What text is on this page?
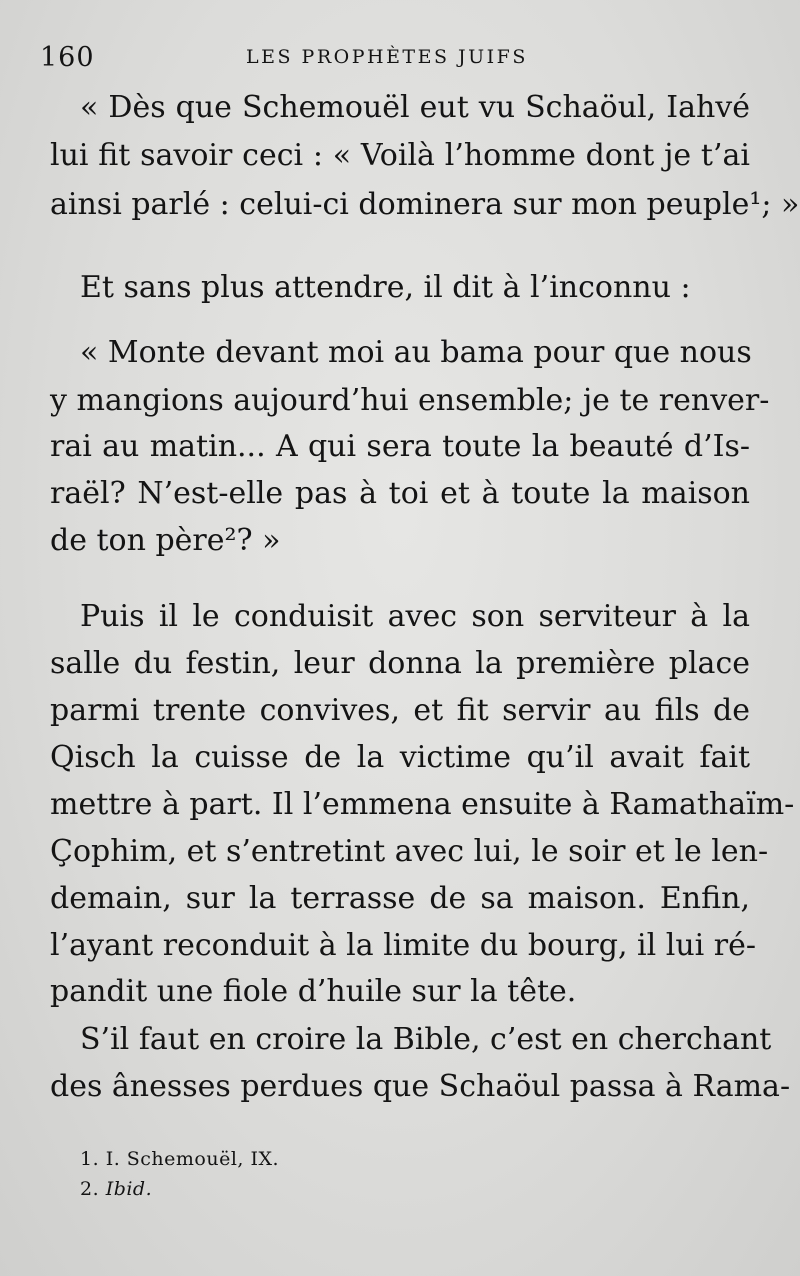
160	LES PROPHÈTES JUIFS
« Dès que Schemouël eut vu Schaöul, Iahvé
lui fit savoir ceci : « Voilà l’homme dont je t’ai
ainsi parlé : celui-ci dominera sur mon peuple¹; »
Et sans plus attendre, il dit à l’inconnu :
« Monte devant moi au bama pour que nous
y mangions aujourd’hui ensemble; je te renver-
rai au matin... A qui sera toute la beauté d’Is-
raël? N’est-elle pas à toi et à toute la maison
de ton père²? »
Puis il le conduisit avec son serviteur à la
salle du festin, leur donna la première place
parmi trente convives, et fit servir au fils de
Qisch la cuisse de la victime qu’il avait fait
mettre à part. Il l’emmena ensuite à Ramathaïm-
Çophim, et s’entretint avec lui, le soir et le len-
demain, sur la terrasse de sa maison. Enfin,
l’ayant reconduit à la limite du bourg, il lui ré-
pandit une fiole d’huile sur la tête.
S’il faut en croire la Bible, c’est en cherchant
des ânesses perdues que Schaöul passa à Rama-
1. I. Schemouël, IX.
2. Ibid.
